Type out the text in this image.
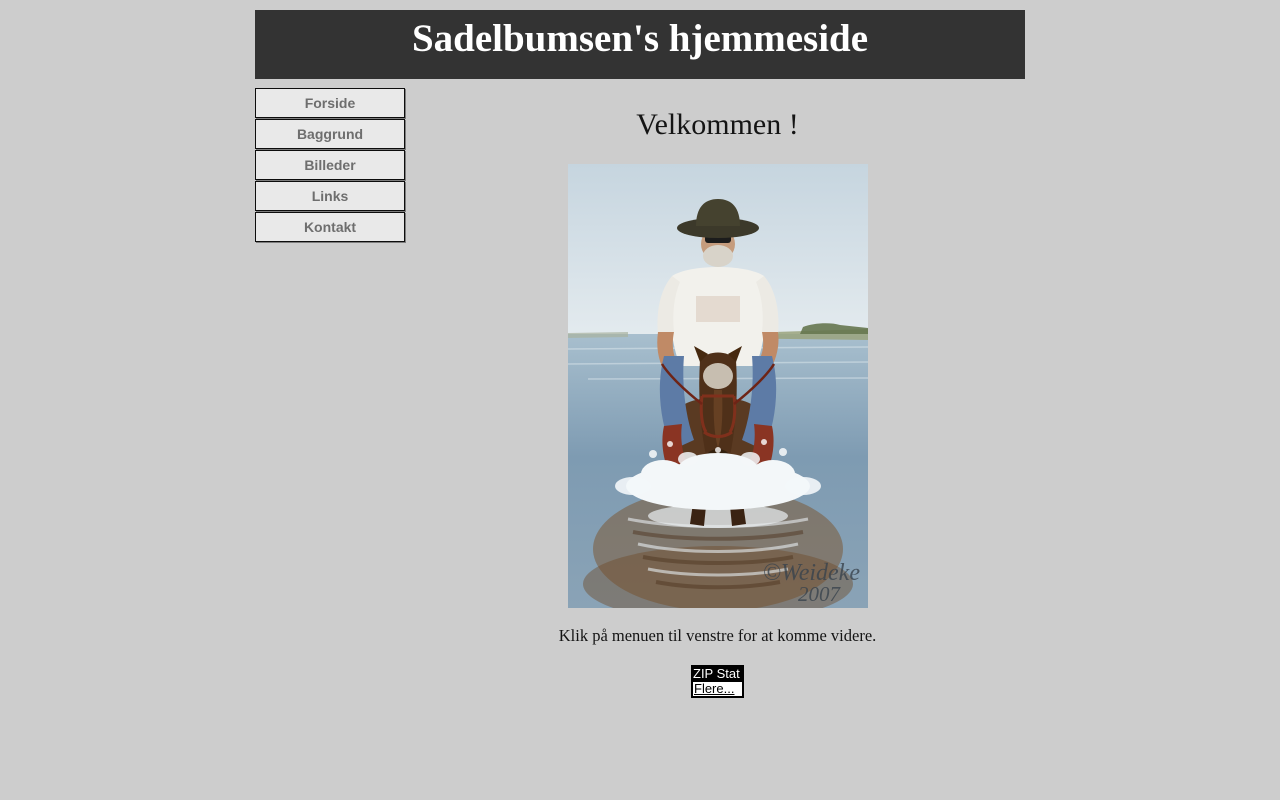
Sadelbumsen's hjemmeside
Forside
Baggrund
Billeder
Links
Kontakt
Velkommen !
©Weideke
2007
Klik på menuen til venstre for at komme videre.
ZIP Stat
Flere...
